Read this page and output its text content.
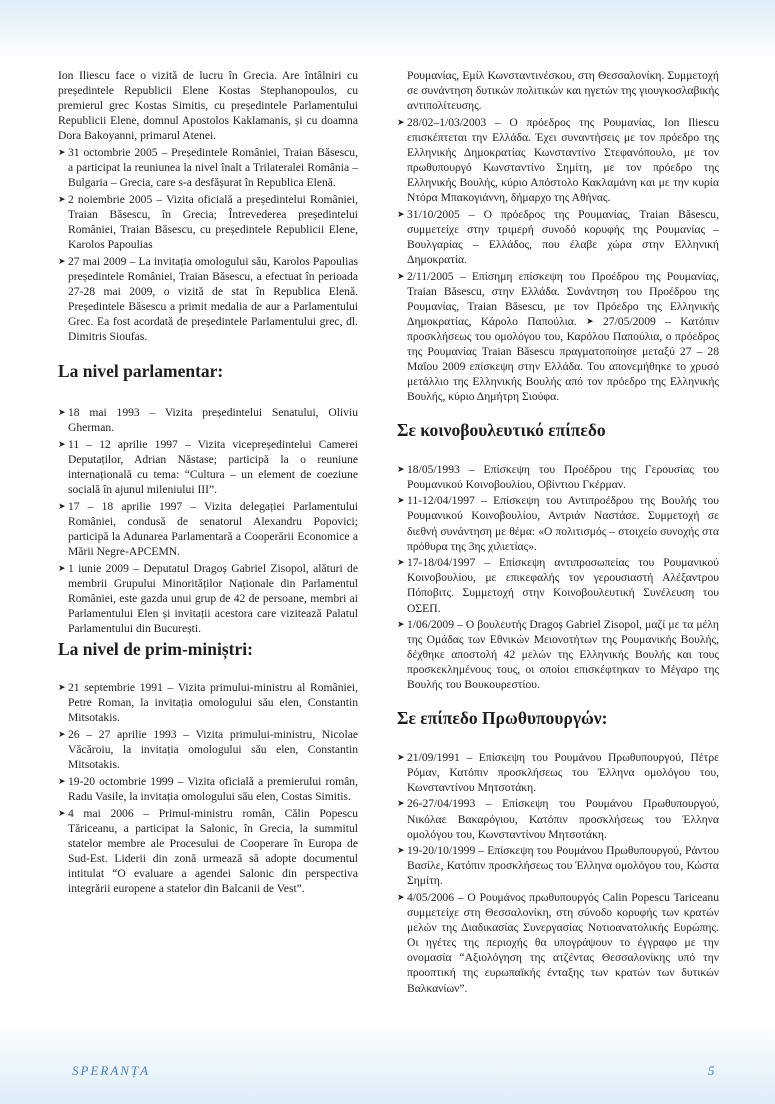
Ion Iliescu face o vizită de lucru în Grecia. Are întâlniri cu președintele Republicii Elene Kostas Stephanopoulos, cu premierul grec Kostas Simitis, cu președintele Parlamentului Republicii Elene, domnul Apostolos Kaklamanis, și cu doamna Dora Bakoyanni, primarul Atenei.

➤ 31 octombrie 2005 – Președintele României, Traian Băsescu, a participat la reuniunea la nivel înalt a Trilateralei România – Bulgaria – Grecia, care s-a desfășurat în Republica Elenă.

➤ 2 noiembrie 2005 – Vizita oficială a președintelui României, Traian Băsescu, în Grecia; Întrevederea președintelui României, Traian Băsescu, cu președintele Republicii Elene, Karolos Papoulias

➤ 27 mai 2009 – La invitația omologului său, Karolos Papoulias președintele României, Traian Băsescu, a efectuat în perioada 27-28 mai 2009, o vizită de stat în Republica Elenă. Președintele Băsescu a primit medalia de aur a Parlamentului Grec. Ea fost acordată de președintele Parlamentului grec, dl. Dimitris Sioufas.

La nivel parlamentar:

➤ 18 mai 1993 – Vizita președintelui Senatului, Oliviu Gherman.

➤ 11 – 12 aprilie 1997 – Vizita vicepreședintelui Camerei Deputaților, Adrian Năstase; participă la o reuniune internațională cu tema: “Cultura – un element de coeziune socială în ajunul mileniului III”.

➤ 17 – 18 aprilie 1997 – Vizita delegației Parlamentului României, condusă de senatorul Alexandru Popovici; participă la Adunarea Parlamentară a Cooperării Economice a Mării Negre-APCEMN.

➤ 1 iunie 2009 – Deputatul Dragoș Gabriel Zisopol, alături de membrii Grupului Minorităților Naționale din Parlamentul României, este gazda unui grup de 42 de persoane, membri ai Parlamentului Elen și invitații acestora care vizitează Palatul Parlamentului din București.

La nivel de prim-miniștri:

➤ 21 septembrie 1991 – Vizita primului-ministru al României, Petre Roman, la invitația omologului său elen, Constantin Mitsotakis.

➤ 26 – 27 aprilie 1993 – Vizita primului-ministru, Nicolae Văcăroiu, la invitația omologului său elen, Constantin Mitsotakis.

➤ 19-20 octombrie 1999 – Vizita oficială a premierului român, Radu Vasile, la invitația omologului său elen, Costas Simitis.

➤ 4 mai 2006 – Primul-ministru român, Călin Popescu Tăriceanu, a participat la Salonic, în Grecia, la summitul statelor membre ale Procesului de Cooperare în Europa de Sud-Est. Liderii din zonă urmează să adopte documentul intitulat “O evaluare a agendei Salonic din perspectiva integrării europene a statelor din Balcanii de Vest”.

Ρουμανίας, Εμίλ Κωνσταντινέσκου, στη Θεσσαλονίκη. Συμμετοχή σε συνάντηση δυτικών πολιτικών και ηγετών της γιουγκοσλαβικής αντιπολίτευσης.

➤ 28/02–1/03/2003 – Ο πρόεδρος της Ρουμανίας, Ion Iliescu επισκέπτεται την Ελλάδα. Έχει συναντήσεις με τον πρόεδρο της Ελληνικής Δημοκρατίας Κωνσταντίνο Στεφανόπουλο, με τον πρωθυπουργό Κωνσταντίνο Σημίτη, με τον πρόεδρο της Ελληνικής Βουλής, κύριο Απόστολο Κακλαμάνη και με την κυρία Ντόρα Μπακογιάννη, δήμαρχο της Αθήνας.

➤ 31/10/2005 – Ο πρόεδρος της Ρουμανίας, Traian Băsescu, συμμετείχε στην τριμερή συνοδό κορυφής της Ρουμανίας – Βουλγαρίας – Ελλάδος, που έλαβε χώρα στην Ελληνική Δημοκρατία.

➤ 2/11/2005 – Επίσημη επίσκεψη του Προέδρου της Ρουμανίας, Traian Băsescu, στην Ελλάδα. Συνάντηση του Προέδρου της Ρουμανίας, Traian Băsescu, με τον Πρόεδρο της Ελληνικής Δημοκρατίας, Κάρολο Παπούλια. ➤ 27/05/2009 – Κατόπιν προσκλήσεως του ομολόγου του, Καρόλου Παπούλια, ο πρόεδρος της Ρουμανίας Traian Băsescu πραγματοποίησε μεταξύ 27 – 28 Μαΐου 2009 επίσκεψη στην Ελλάδα. Του απονεμήθηκε το χρυσό μετάλλιο της Ελληνικής Βουλής από τον πρόεδρο της Ελληνικής Βουλής, κύριο Δημήτρη Σιούφα.

Σε κοινοβουλευτικό επίπεδο

➤ 18/05/1993 – Επίσκεψη του Προέδρου της Γερουσίας του Ρουμανικού Κοινοβουλίου, Οβίντιου Γκέρμαν.

➤ 11-12/04/1997 – Επίσκεψη του Αντιπροέδρου της Βουλής του Ρουμανικού Κοινοβουλίου, Αντριάν Ναστάσε. Συμμετοχή σε διεθνή συνάντηση με θέμα: «Ο πολιτισμός – στοιχείο συνοχής στα πρόθυρα της 3ης χιλιετίας».

➤ 17-18/04/1997 – Επίσκεψη αντιπροσωπείας του Ρουμανικού Κοινοβουλίου, με επικεφαλής τον γερουσιαστή Αλέξαντρου Πόποβιτς. Συμμετοχή στην Κοινοβουλευτική Συνέλευση του ΟΣΕΠ.

➤ 1/06/2009 – Ο βουλευτής Dragoș Gabriel Zisopol, μαζί με τα μέλη της Ομάδας των Εθνικών Μειονοτήτων της Ρουμανικής Βουλής, δέχθηκε αποστολή 42 μελών της Ελληνικής Βουλής και τους προσκεκλημένους τους, οι οποίοι επισκέφτηκαν το Μέγαρο της Βουλής του Βουκουρεστίου.

Σε επίπεδο Πρωθυπουργών:

➤ 21/09/1991 – Επίσκεψη του Ρουμάνου Πρωθυπουργού, Πέτρε Ρόμαν, Κατόπιν προσκλήσεως του Έλληνα ομολόγου του, Κωνσταντίνου Μητσοτάκη.

➤ 26-27/04/1993 – Επίσκεψη του Ρουμάνου Πρωθυπουργού, Νικόλαε Βακαρόγιου, Κατόπιν προσκλήσεως του Έλληνα ομολόγου του, Κωνσταντίνου Μητσοτάκη.

➤ 19-20/10/1999 – Επίσκεψη του Ρουμάνου Πρωθυπουργού, Ράντου Βασίλε, Κατόπιν προσκλήσεως του Έλληνα ομολόγου του, Κώστα Σημίτη.

➤ 4/05/2006 – Ο Ρουμάνος πρωθυπουργός Calin Popescu Tariceanu συμμετείχε στη Θεσσαλονίκη, στη σύνοδο κορυφής των κρατών μελών της Διαδικασίας Συνεργασίας Νοτιοανατολικής Ευρώπης. Οι ηγέτες της περιοχής θα υπογράψουν το έγγραφο με την ονομασία “Αξιολόγηση της ατζέντας Θεσσαλονίκης υπό την προοπτική της ευρωπαϊκής ένταξης των κρατών των δυτικών Βαλκανίων”.

SPERANȚA	5
